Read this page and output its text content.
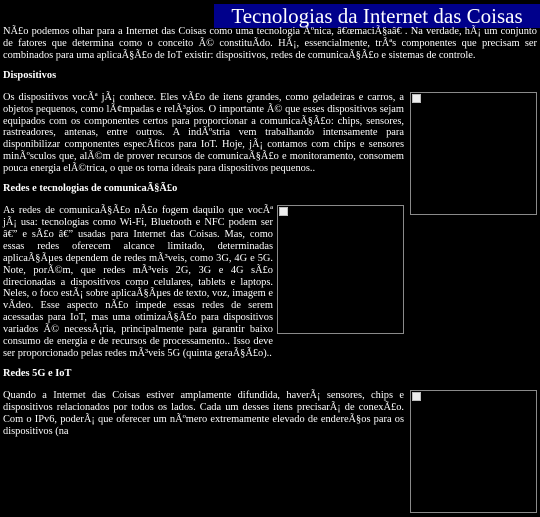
Tecnologias da Internet das Coisas

NÃ£o podemos olhar para a Internet das Coisas como uma tecnologia Ãºnica, â€œmaciÃ§aâ€ . Na verdade, hÃ¡ um conjunto de fatores que determina como o conceito Ã© constituÃdo. HÃ¡, essencialmente, trÃªs componentes que precisam ser combinados para uma aplicaÃ§Ã£o de IoT existir: dispositivos, redes de comunicaÃ§Ã£o e sistemas de controle.

Dispositivos

Os dispositivos vocÃª jÃ¡ conhece. Eles vÃ£o de itens grandes, como geladeiras e carros, a objetos pequenos, como lÃ¢mpadas e relÃ³gios. O importante Ã© que esses dispositivos sejam equipados com os componentes certos para proporcionar a comunicaÃ§Ã£o: chips, sensores, rastreadores, antenas, entre outros. A indÃºstria vem trabalhando intensamente para disponibilizar componentes especÃficos para IoT. Hoje, jÃ¡ contamos com chips e sensores minÃºsculos que, alÃ©m de prover recursos de comunicaÃ§Ã£o e monitoramento, consomem pouca energia elÃ©trica, o que os torna ideais para dispositivos pequenos..

Redes e tecnologias de comunicaÃ§Ã£o

As redes de comunicaÃ§Ã£o nÃ£o fogem daquilo que vocÃª jÃ¡ usa: tecnologias como Wi-Fi, Bluetooth e NFC podem ser â€” e sÃ£o â€” usadas para Internet das Coisas. Mas, como essas redes oferecem alcance limitado, determinadas aplicaÃ§Ãµes dependem de redes mÃ³veis, como 3G, 4G e 5G. Note, porÃ©m, que redes mÃ³veis 2G, 3G e 4G sÃ£o direcionadas a dispositivos como celulares, tablets e laptops. Neles, o foco estÃ¡ sobre aplicaÃ§Ãµes de texto, voz, imagem e vÃdeo. Esse aspecto nÃ£o impede essas redes de serem acessadas para IoT, mas uma otimizaÃ§Ã£o para dispositivos variados Ã© necessÃ¡ria, principalmente para garantir baixo consumo de energia e de recursos de processamento.. Isso deve ser proporcionado pelas redes mÃ³veis 5G (quinta geraÃ§Ã£o)..

Redes 5G e IoT

Quando a Internet das Coisas estiver amplamente difundida, haverÃ¡ sensores, chips e dispositivos relacionados por todos os lados. Cada um desses itens precisarÃ¡ de conexÃ£o. Com o IPv6, poderÃ¡ que oferecer um nÃºmero extremamente elevado de endereÃ§os para os dispositivos (na
